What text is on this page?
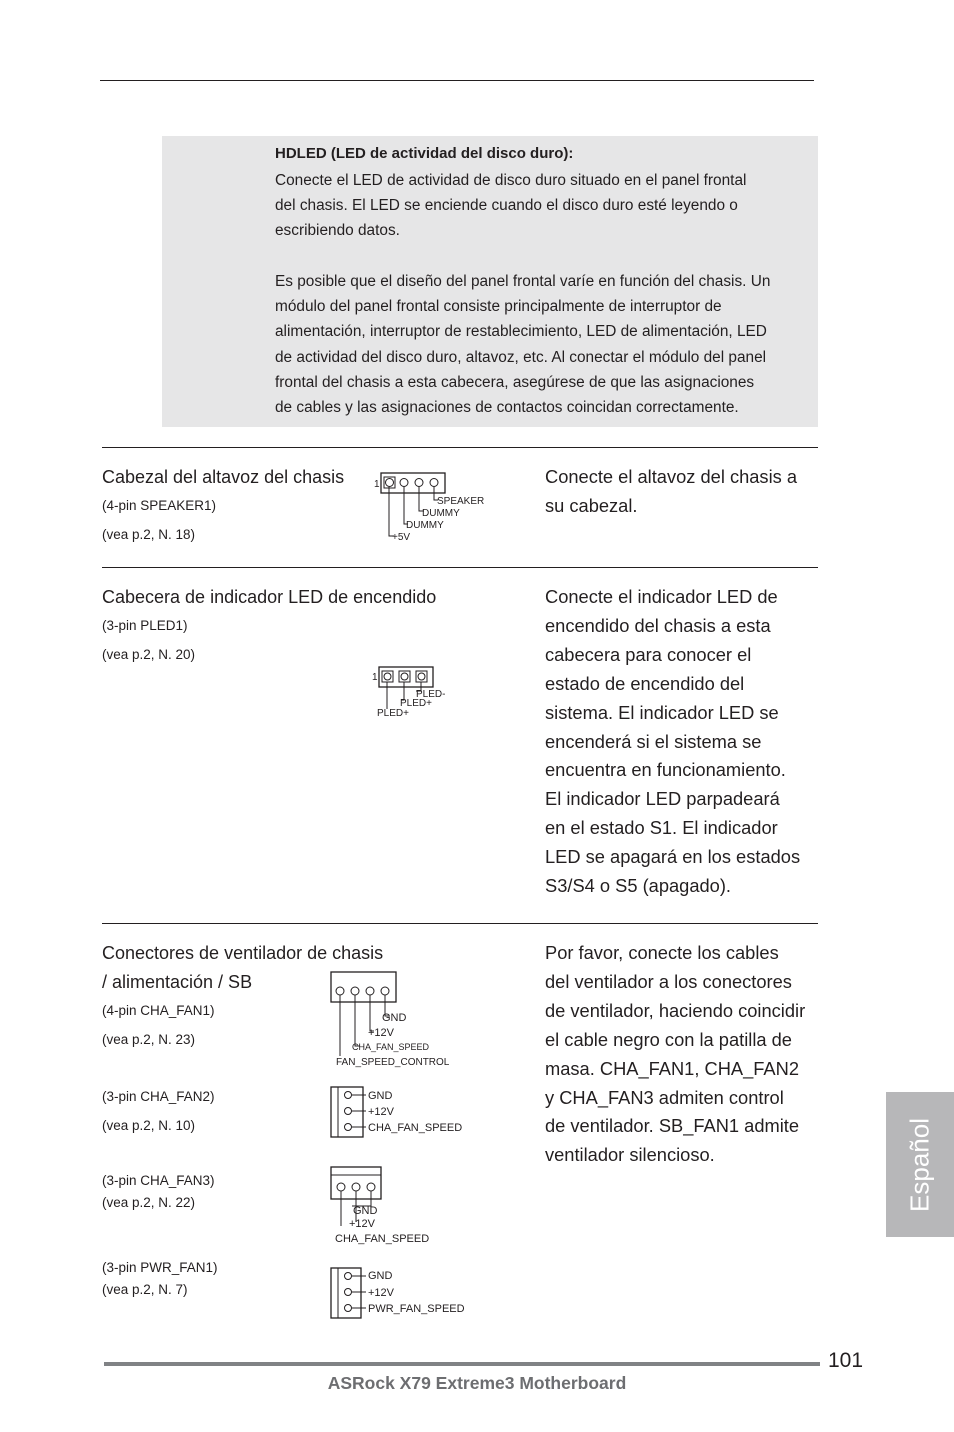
HDLED (LED de actividad del disco duro):

Conecte el LED de actividad de disco duro situado en el panel frontal
del chasis. El LED se enciende cuando el disco duro esté leyendo o
escribiendo datos.

Es posible que el diseño del panel frontal varíe en función del chasis. Un
módulo del panel frontal consiste principalmente de interruptor de
alimentación, interruptor de restablecimiento, LED de alimentación, LED
de actividad del disco duro, altavoz, etc. Al conectar el módulo del panel
frontal del chasis a esta cabecera, asegúrese de que las asignaciones
de cables y las asignaciones de contactos coincidan correctamente.

Cabezal del altavoz del chasis
(4-pin SPEAKER1)
(vea p.2, N. 18)

Conecte el altavoz del chasis a
su cabezal.

1
SPEAKER
DUMMY
DUMMY
+5V
Cabecera de indicador LED de encendido
(3-pin PLED1)
(vea p.2, N. 20)

Conecte el indicador LED de
encendido del chasis a esta
cabecera para conocer el
estado de encendido del
sistema. El indicador LED se
encenderá si el sistema se
encuentra en funcionamiento.
El indicador LED parpadeará
en el estado S1. El indicador
LED se apagará en los estados
S3/S4 o S5 (apagado).

1
PLED-
PLED+
PLED+
Conectores de ventilador de chasis
/ alimentación / SB

Por favor, conecte los cables
del ventilador a los conectores
de ventilador, haciendo coincidir
el cable negro con la patilla de
masa. CHA_FAN1, CHA_FAN2
y CHA_FAN3 admiten control
de ventilador. SB_FAN1 admite
ventilador silencioso.

(4-pin CHA_FAN1)
(vea p.2, N. 23)
GND
+12V
CHA_FAN_SPEED
FAN_SPEED_CONTROL
(3-pin CHA_FAN2)
(vea p.2, N. 10)
GND
+12V
CHA_FAN_SPEED
(3-pin CHA_FAN3)
(vea p.2, N. 22)
GND
+12V
CHA_FAN_SPEED
(3-pin PWR_FAN1)
(vea p.2, N. 7)
GND
+12V
PWR_FAN_SPEED
Español
101
ASRock X79 Extreme3 Motherboard
